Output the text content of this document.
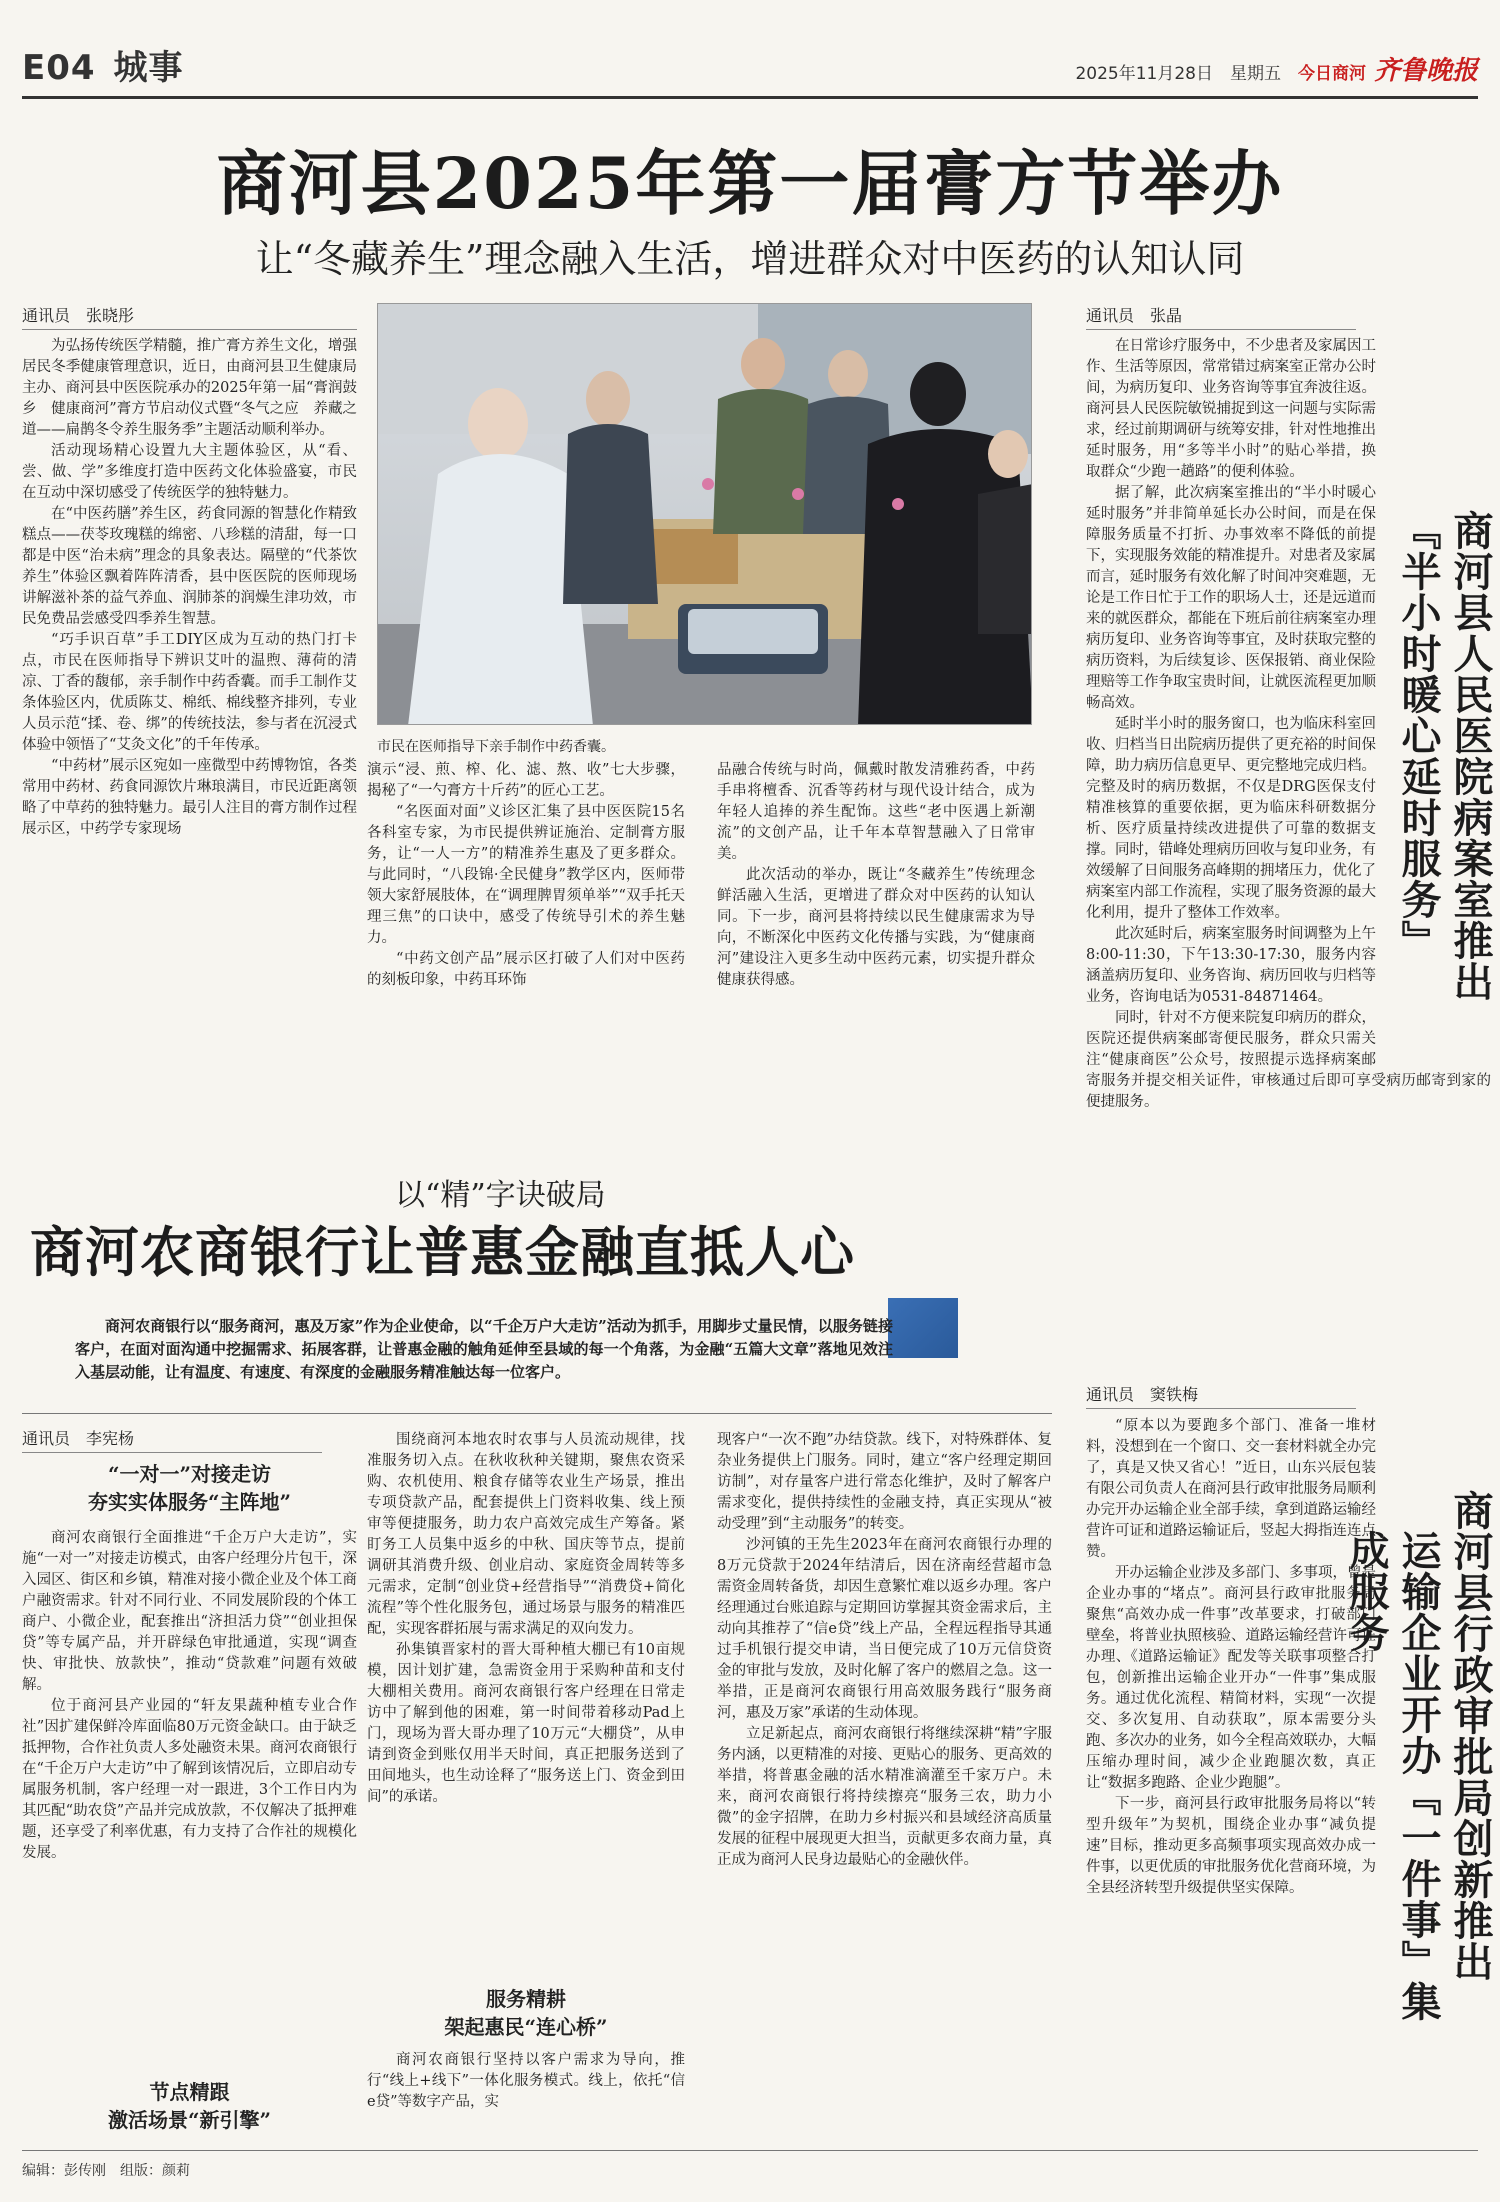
E04 城事	2025年11月28日　 星期五　 今日商河 齐鲁晚报
商河县2025年第一届膏方节举办
让“冬藏养生”理念融入生活，增进群众对中医药的认知认同
通讯员　张晓彤

为弘扬传统医学精髓，推广膏方养生文化，增强居民冬季健康管理意识，近日，由商河县卫生健康局主办、商河县中医医院承办的2025年第一届“膏润鼓乡　健康商河”膏方节启动仪式暨“冬气之应　养藏之道——扁鹊冬令养生服务季”主题活动顺利举办。

活动现场精心设置九大主题体验区，从“看、尝、做、学”多维度打造中医药文化体验盛宴，市民在互动中深切感受了传统医学的独特魅力。

在“中医药膳”养生区，药食同源的智慧化作精致糕点——茯苓玫瑰糕的绵密、八珍糕的清甜，每一口都是中医“治未病”理念的具象表达。隔壁的“代茶饮养生”体验区飘着阵阵清香，县中医医院的医师现场讲解滋补茶的益气养血、润肺茶的润燥生津功效，市民免费品尝感受四季养生智慧。

“巧手识百草”手工DIY区成为互动的热门打卡点，市民在医师指导下辨识艾叶的温煦、薄荷的清凉、丁香的馥郁，亲手制作中药香囊。而手工制作艾条体验区内，优质陈艾、棉纸、棉线整齐排列，专业人员示范“揉、卷、绑”的传统技法，参与者在沉浸式体验中领悟了“艾灸文化”的千年传承。

“中药材”展示区宛如一座微型中药博物馆，各类常用中药材、药食同源饮片琳琅满目，市民近距离领略了中草药的独特魅力。最引人注目的膏方制作过程展示区，中药学专家现场

市民在医师指导下亲手制作中药香囊。

演示“浸、煎、榨、化、滤、熬、收”七大步骤，揭秘了“一勺膏方十斤药”的匠心工艺。

“名医面对面”义诊区汇集了县中医医院15名各科室专家，为市民提供辨证施治、定制膏方服务，让“一人一方”的精准养生惠及了更多群众。与此同时，“八段锦·全民健身”教学区内，医师带领大家舒展肢体，在“调理脾胃须单举”“双手托天理三焦”的口诀中，感受了传统导引术的养生魅力。

“中药文创产品”展示区打破了人们对中医药的刻板印象，中药耳环饰

品融合传统与时尚，佩戴时散发清雅药香，中药手串将檀香、沉香等药材与现代设计结合，成为年轻人追捧的养生配饰。这些“老中医遇上新潮流”的文创产品，让千年本草智慧融入了日常审美。

此次活动的举办，既让“冬藏养生”传统理念鲜活融入生活，更增进了群众对中医药的认知认同。下一步，商河县将持续以民生健康需求为导向，不断深化中医药文化传播与实践，为“健康商河”建设注入更多生动中医药元素，切实提升群众健康获得感。

通讯员　张晶

在日常诊疗服务中，不少患者及家属因工作、生活等原因，常常错过病案室正常办公时间，为病历复印、业务咨询等事宜奔波往返。商河县人民医院敏锐捕捉到这一问题与实际需求，经过前期调研与统筹安排，针对性地推出延时服务，用“多等半小时”的贴心举措，换取群众“少跑一趟路”的便利体验。

据了解，此次病案室推出的“半小时暖心延时服务”并非简单延长办公时间，而是在保障服务质量不打折、办事效率不降低的前提下，实现服务效能的精准提升。对患者及家属而言，延时服务有效化解了时间冲突难题，无论是工作日忙于工作的职场人士，还是远道而来的就医群众，都能在下班后前往病案室办理病历复印、业务咨询等事宜，及时获取完整的病历资料，为后续复诊、医保报销、商业保险理赔等工作争取宝贵时间，让就医流程更加顺畅高效。

延时半小时的服务窗口，也为临床科室回收、归档当日出院病历提供了更充裕的时间保障，助力病历信息更早、更完整地完成归档。完整及时的病历数据，不仅是DRG医保支付精准核算的重要依据，更为临床科研数据分析、医疗质量持续改进提供了可靠的数据支撑。同时，错峰处理病历回收与复印业务，有效缓解了日间服务高峰期的拥堵压力，优化了病案室内部工作流程，实现了服务资源的最大化利用，提升了整体工作效率。

此次延时后，病案室服务时间调整为上午8:00-11:30，下午13:30-17:30，服务内容涵盖病历复印、业务咨询、病历回收与归档等业务，咨询电话为0531-84871464。

同时，针对不方便来院复印病历的群众，医院还提供病案邮寄便民服务，群众只需关注“健康商医”公众号，按照提示选择病案邮寄服务并提交相关证件，审核通过后即可享受病历邮寄到家的便捷服务。

商河县人民医院病案室推出
『半小时暖心延时服务』
以“精”字诀破局
商河农商银行让普惠金融直抵人心
商河农商银行以“服务商河，惠及万家”作为企业使命，以“千企万户大走访”活动为抓手，用脚步丈量民情，以服务链接客户，在面对面沟通中挖掘需求、拓展客群，让普惠金融的触角延伸至县域的每一个角落，为金融“五篇大文章”落地见效注入基层动能，让有温度、有速度、有深度的金融服务精准触达每一位客户。
通讯员　李宪杨
“一对一”对接走访
夯实实体服务“主阵地”

商河农商银行全面推进“千企万户大走访”，实施“一对一”对接走访模式，由客户经理分片包干，深入园区、街区和乡镇，精准对接小微企业及个体工商户融资需求。针对不同行业、不同发展阶段的个体工商户、小微企业，配套推出“济担活力贷”“创业担保贷”等专属产品，并开辟绿色审批通道，实现“调查快、审批快、放款快”，推动“贷款难”问题有效破解。

位于商河县产业园的“轩友果蔬种植专业合作社”因扩建保鲜冷库面临80万元资金缺口。由于缺乏抵押物，合作社负责人多处融资未果。商河农商银行在“千企万户大走访”中了解到该情况后，立即启动专属服务机制，客户经理一对一跟进，3个工作日内为其匹配“助农贷”产品并完成放款，不仅解决了抵押难题，还享受了利率优惠，有力支持了合作社的规模化发展。

节点精跟
激活场景“新引擎”

围绕商河本地农时农事与人员流动规律，找准服务切入点。在秋收秋种关键期，聚焦农资采购、农机使用、粮食存储等农业生产场景，推出专项贷款产品，配套提供上门资料收集、线上预审等便捷服务，助力农户高效完成生产筹备。紧盯务工人员集中返乡的中秋、国庆等节点，提前调研其消费升级、创业启动、家庭资金周转等多元需求，定制“创业贷+经营指导”“消费贷+简化流程”等个性化服务包，通过场景与服务的精准匹配，实现客群拓展与需求满足的双向发力。

孙集镇晋家村的晋大哥种植大棚已有10亩规模，因计划扩建，急需资金用于采购种苗和支付大棚相关费用。商河农商银行客户经理在日常走访中了解到他的困难，第一时间带着移动Pad上门，现场为晋大哥办理了10万元“大棚贷”，从申请到资金到账仅用半天时间，真正把服务送到了田间地头，也生动诠释了“服务送上门、资金到田间”的承诺。

服务精耕
架起惠民“连心桥”

商河农商银行坚持以客户需求为导向，推行“线上+线下”一体化服务模式。线上，依托“信e贷”等数字产品，实

现客户“一次不跑”办结贷款。线下，对特殊群体、复杂业务提供上门服务。同时，建立“客户经理定期回访制”，对存量客户进行常态化维护，及时了解客户需求变化，提供持续性的金融支持，真正实现从“被动受理”到“主动服务”的转变。

沙河镇的王先生2023年在商河农商银行办理的8万元贷款于2024年结清后，因在济南经营超市急需资金周转备货，却因生意繁忙难以返乡办理。客户经理通过台账追踪与定期回访掌握其资金需求后，主动向其推荐了“信e贷”线上产品，全程远程指导其通过手机银行提交申请，当日便完成了10万元信贷资金的审批与发放，及时化解了客户的燃眉之急。这一举措，正是商河农商银行用高效服务践行“服务商河，惠及万家”承诺的生动体现。

立足新起点，商河农商银行将继续深耕“精”字服务内涵，以更精准的对接、更贴心的服务、更高效的举措，将普惠金融的活水精准滴灌至千家万户。未来，商河农商银行将持续擦亮“服务三农，助力小微”的金字招牌，在助力乡村振兴和县域经济高质量发展的征程中展现更大担当，贡献更多农商力量，真正成为商河人民身边最贴心的金融伙伴。

通讯员　窦铁梅

“原本以为要跑多个部门、准备一堆材料，没想到在一个窗口、交一套材料就全办完了，真是又快又省心！”近日，山东兴辰包装有限公司负责人在商河县行政审批服务局顺利办完开办运输企业全部手续，拿到道路运输经营许可证和道路运输证后，竖起大拇指连连点赞。

开办运输企业涉及多部门、多事项，曾是企业办事的“堵点”。商河县行政审批服务局聚焦“高效办成一件事”改革要求，打破部门壁垒，将普业执照核验、道路运输经营许可证办理、《道路运输证》配发等关联事项整合打包，创新推出运输企业开办“一件事”集成服务。通过优化流程、精简材料，实现“一次提交、多次复用、自动获取”，原本需要分头跑、多次办的业务，如今全程高效联办，大幅压缩办理时间，减少企业跑腿次数，真正让“数据多跑路、企业少跑腿”。

下一步，商河县行政审批服务局将以“转型升级年”为契机，围绕企业办事“减负提速”目标，推动更多高频事项实现高效办成一件事，以更优质的审批服务优化营商环境，为全县经济转型升级提供坚实保障。	商河县行政审批局创新推出
运输企业开办『一件事』集成服务
编辑：彭传刚　组版：颜莉
